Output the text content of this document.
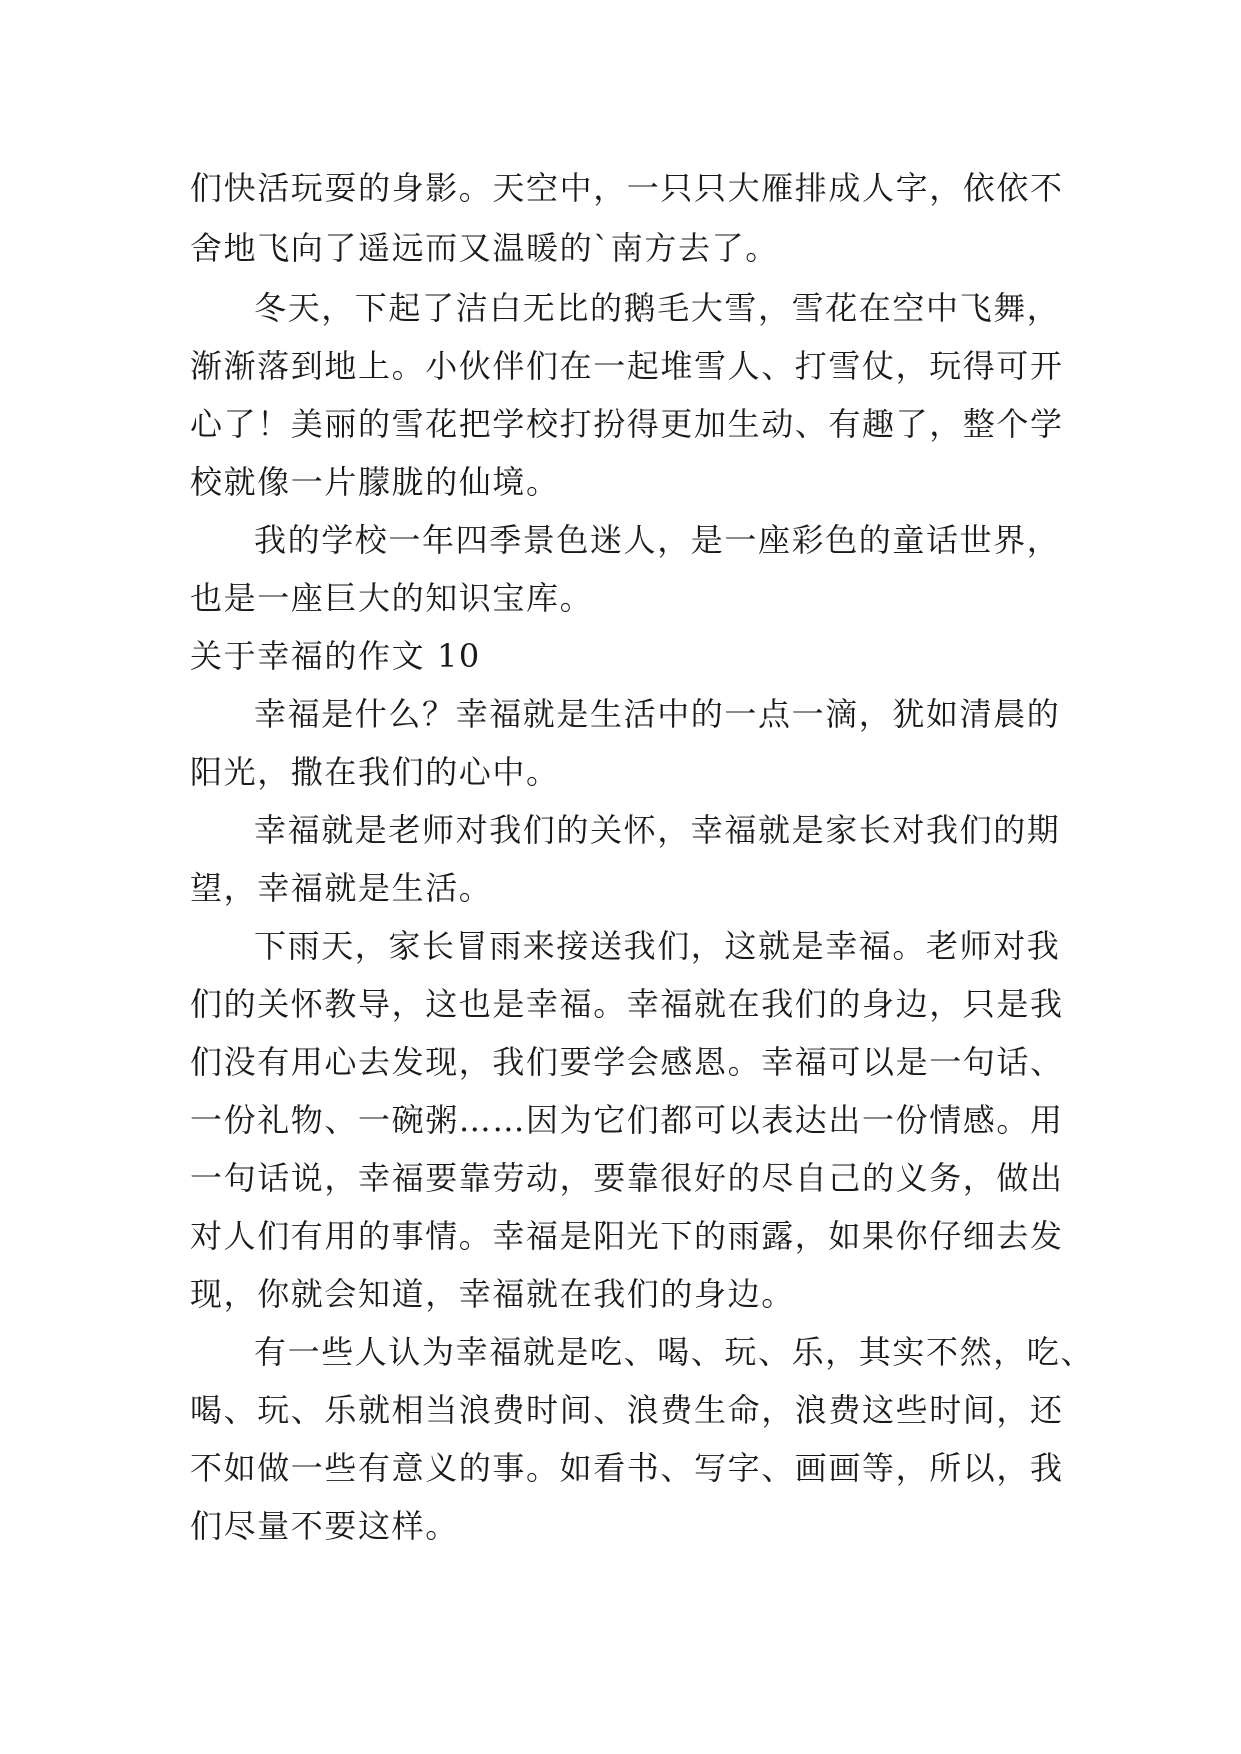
们快活玩耍的身影。天空中，一只只大雁排成人字，依依不
舍地飞向了遥远而又温暖的`南方去了。
冬天，下起了洁白无比的鹅毛大雪，雪花在空中飞舞，
渐渐落到地上。小伙伴们在一起堆雪人、打雪仗，玩得可开
心了！美丽的雪花把学校打扮得更加生动、有趣了，整个学
校就像一片朦胧的仙境。
我的学校一年四季景色迷人，是一座彩色的童话世界，
也是一座巨大的知识宝库。
关于幸福的作文 10
幸福是什么？幸福就是生活中的一点一滴，犹如清晨的
阳光，撒在我们的心中。
幸福就是老师对我们的关怀，幸福就是家长对我们的期
望，幸福就是生活。
下雨天，家长冒雨来接送我们，这就是幸福。老师对我
们的关怀教导，这也是幸福。幸福就在我们的身边，只是我
们没有用心去发现，我们要学会感恩。幸福可以是一句话、
一份礼物、一碗粥……因为它们都可以表达出一份情感。用
一句话说，幸福要靠劳动，要靠很好的尽自己的义务，做出
对人们有用的事情。幸福是阳光下的雨露，如果你仔细去发
现，你就会知道，幸福就在我们的身边。
有一些人认为幸福就是吃、喝、玩、乐，其实不然，吃、
喝、玩、乐就相当浪费时间、浪费生命，浪费这些时间，还
不如做一些有意义的事。如看书、写字、画画等，所以，我
们尽量不要这样。
